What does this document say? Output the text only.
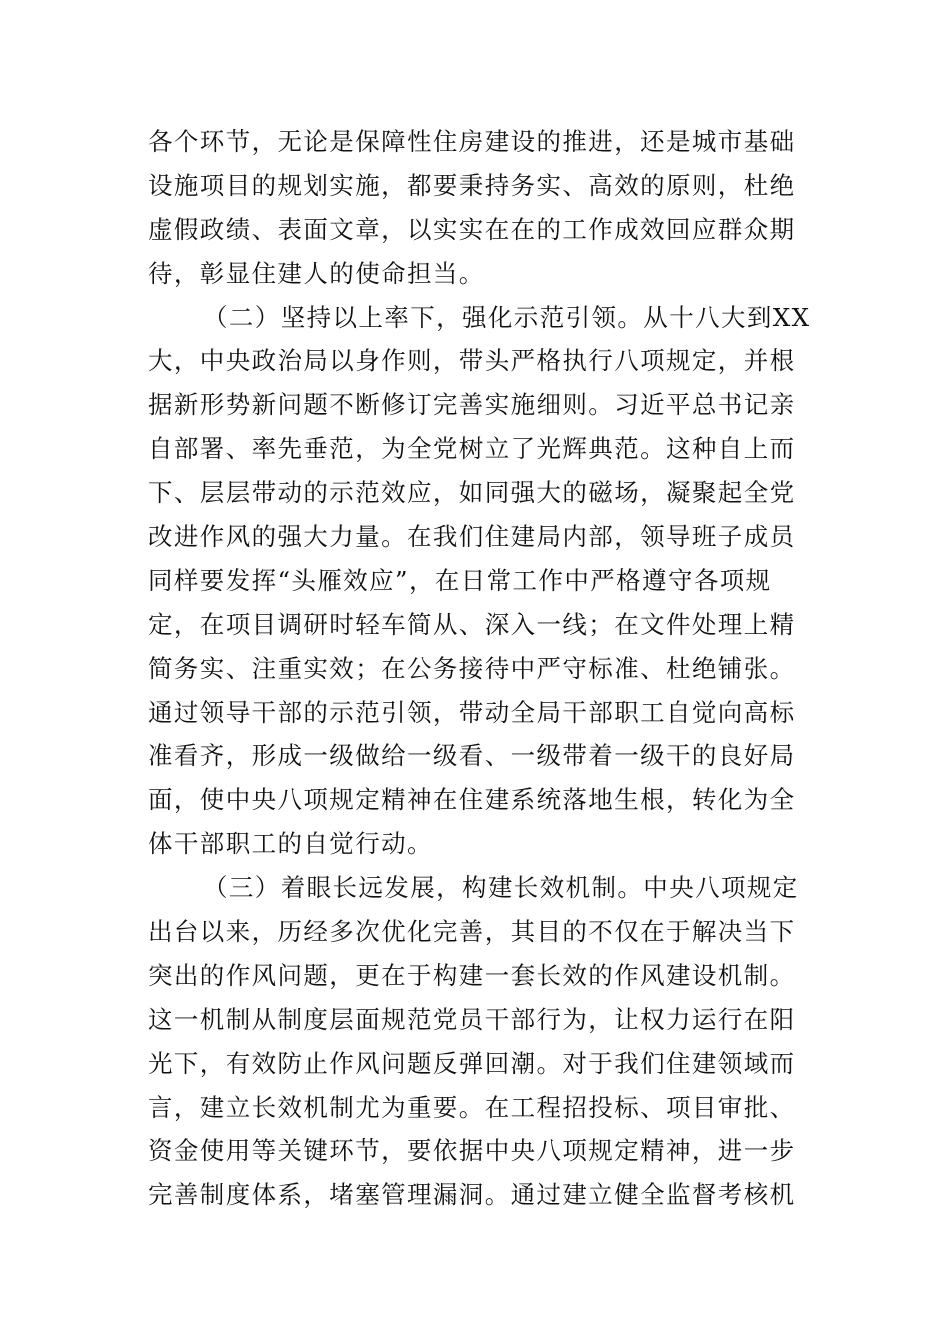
各个环节，无论是保障性住房建设的推进，还是城市基础
设施项目的规划实施，都要秉持务实、高效的原则，杜绝
虚假政绩、表面文章，以实实在在的工作成效回应群众期
待，彰显住建人的使命担当。
（二）坚持以上率下，强化示范引领。从十八大到XX
大，中央政治局以身作则，带头严格执行八项规定，并根
据新形势新问题不断修订完善实施细则。习近平总书记亲
自部署、率先垂范，为全党树立了光辉典范。这种自上而
下、层层带动的示范效应，如同强大的磁场，凝聚起全党
改进作风的强大力量。在我们住建局内部，领导班子成员
同样要发挥“头雁效应”，在日常工作中严格遵守各项规
定，在项目调研时轻车简从、深入一线；在文件处理上精
简务实、注重实效；在公务接待中严守标准、杜绝铺张。
通过领导干部的示范引领，带动全局干部职工自觉向高标
准看齐，形成一级做给一级看、一级带着一级干的良好局
面，使中央八项规定精神在住建系统落地生根，转化为全
体干部职工的自觉行动。
（三）着眼长远发展，构建长效机制。中央八项规定
出台以来，历经多次优化完善，其目的不仅在于解决当下
突出的作风问题，更在于构建一套长效的作风建设机制。
这一机制从制度层面规范党员干部行为，让权力运行在阳
光下，有效防止作风问题反弹回潮。对于我们住建领域而
言，建立长效机制尤为重要。在工程招投标、项目审批、
资金使用等关键环节，要依据中央八项规定精神，进一步
完善制度体系，堵塞管理漏洞。通过建立健全监督考核机
